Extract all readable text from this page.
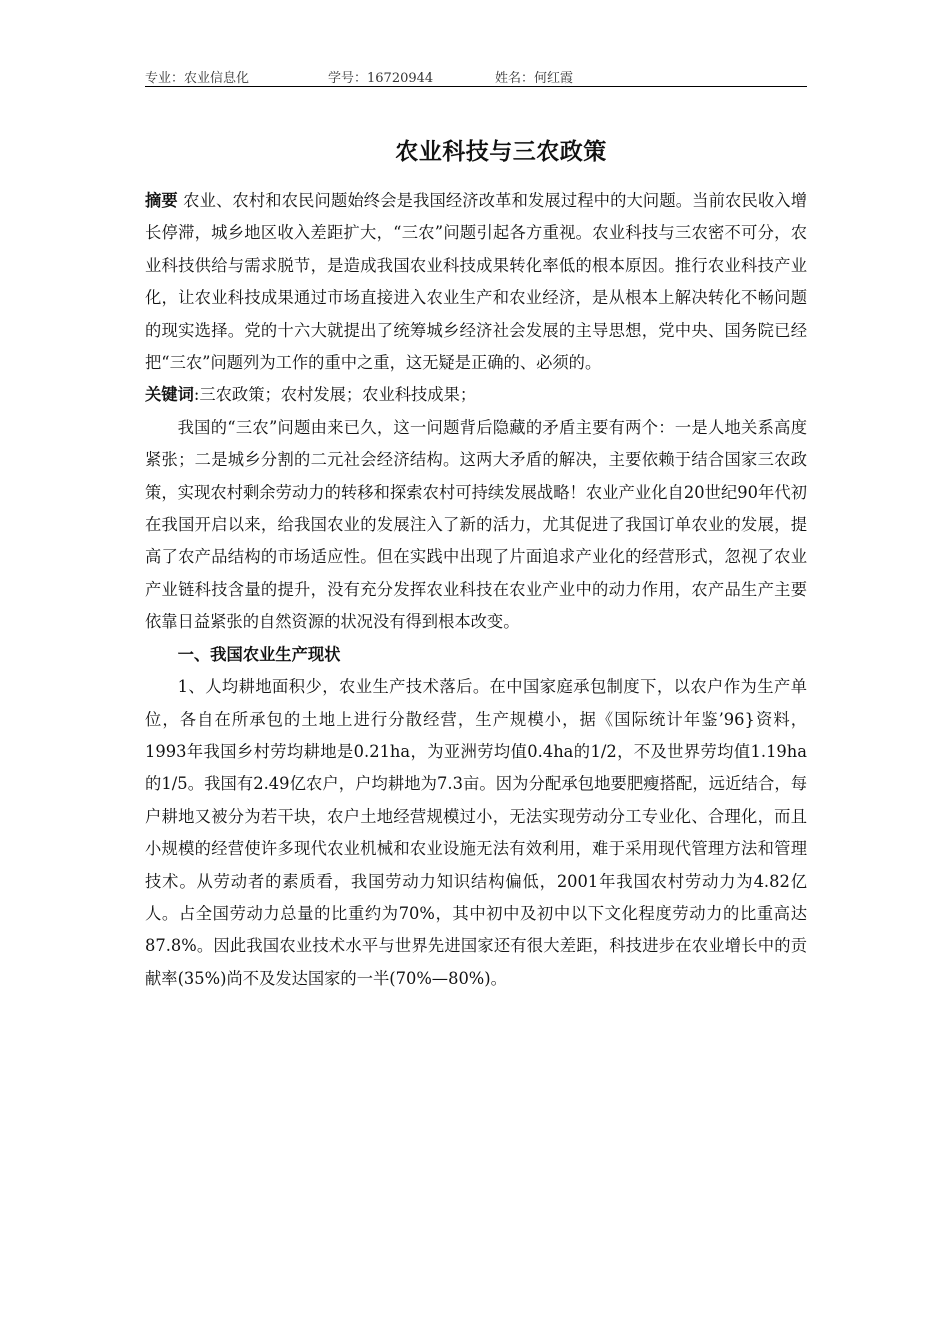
专业：农业信息化	学号：16720944	姓名：何红霞
农业科技与三农政策

摘要 农业、农村和农民问题始终会是我国经济改革和发展过程中的大问题。当前农民收入增长停滞，城乡地区收入差距扩大，“三农”问题引起各方重视。农业科技与三农密不可分，农业科技供给与需求脱节，是造成我国农业科技成果转化率低的根本原因。推行农业科技产业化，让农业科技成果通过市场直接进入农业生产和农业经济，是从根本上解决转化不畅问题的现实选择。党的十六大就提出了统筹城乡经济社会发展的主导思想，党中央、国务院已经把“三农”问题列为工作的重中之重，这无疑是正确的、必须的。

关键词:三农政策；农村发展；农业科技成果；

我国的“三农”问题由来已久，这一问题背后隐藏的矛盾主要有两个：一是人地关系高度紧张；二是城乡分割的二元社会经济结构。这两大矛盾的解决，主要依赖于结合国家三农政策，实现农村剩余劳动力的转移和探索农村可持续发展战略！农业产业化自20世纪90年代初在我国开启以来，给我国农业的发展注入了新的活力，尤其促进了我国订单农业的发展，提高了农产品结构的市场适应性。但在实践中出现了片面追求产业化的经营形式，忽视了农业产业链科技含量的提升，没有充分发挥农业科技在农业产业中的动力作用，农产品生产主要依靠日益紧张的自然资源的状况没有得到根本改变。

一、我国农业生产现状

1、人均耕地面积少，农业生产技术落后。在中国家庭承包制度下，以农户作为生产单位，各自在所承包的土地上进行分散经营，生产规模小，据《国际统计年鉴’96}资料，1993年我国乡村劳均耕地是0.21ha，为亚洲劳均值0.4ha的1/2，不及世界劳均值1.19ha的1/5。我国有2.49亿农户，户均耕地为7.3亩。因为分配承包地要肥瘦搭配，远近结合，每户耕地又被分为若干块，农户土地经营规模过小，无法实现劳动分工专业化、合理化，而且小规模的经营使许多现代农业机械和农业设施无法有效利用，难于采用现代管理方法和管理技术。从劳动者的素质看，我国劳动力知识结构偏低，2001年我国农村劳动力为4.82亿人。占全国劳动力总量的比重约为70%，其中初中及初中以下文化程度劳动力的比重高达87.8%。因此我国农业技术水平与世界先进国家还有很大差距，科技进步在农业增长中的贡献率(35%)尚不及发达国家的一半(70%—80%)。
